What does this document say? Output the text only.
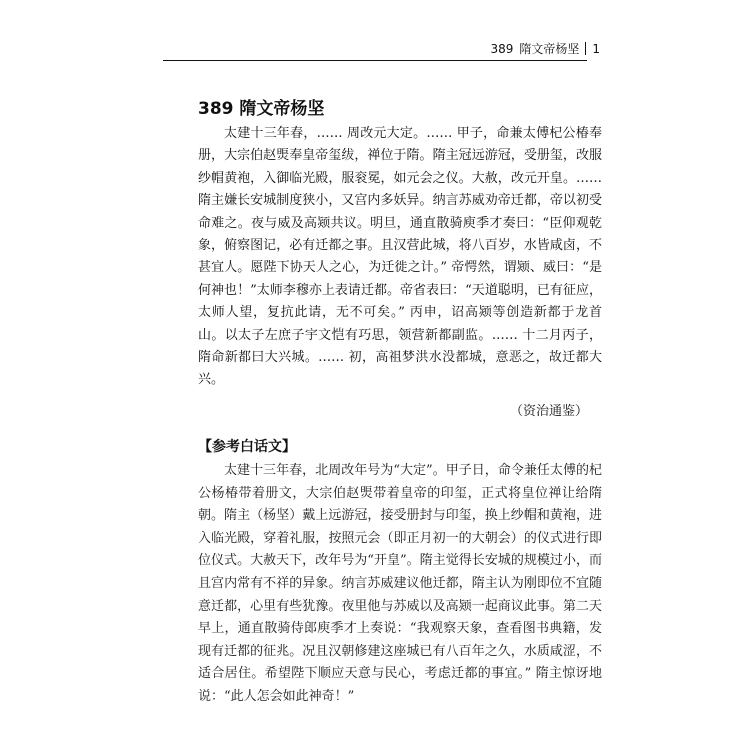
389 隋文帝杨坚 1
389 隋文帝杨坚

太建十三年春，…… 周改元大定。…… 甲子，命兼太傅杞公椿奉册，大宗伯赵煚奉皇帝玺绂，禅位于隋。隋主冠远游冠，受册玺，改服纱帽黄袍，入御临光殿，服衮冕，如元会之仪。大赦，改元开皇。…… 隋主嫌长安城制度狭小，又宫内多妖异。纳言苏威劝帝迁都，帝以初受命难之。夜与威及高颎共议。明旦，通直散骑庾季才奏曰：“臣仰观乾象，俯察图记，必有迁都之事。且汉营此城，将八百岁，水皆咸卤，不甚宜人。愿陛下协天人之心，为迁徙之计。” 帝愕然，谓颎、威曰：“是何神也！”太师李穆亦上表请迁都。帝省表曰：“天道聪明，已有征应，太师人望，复抗此请，无不可矣。” 丙申，诏高颎等创造新都于龙首山。以太子左庶子宇文恺有巧思，领营新都副监。…… 十二月丙子，隋命新都曰大兴城。…… 初，高祖梦洪水没都城，意恶之，故迁都大兴。

（资治通鉴）
【参考白话文】

太建十三年春，北周改年号为“大定”。甲子日，命令兼任太傅的杞公杨椿带着册文，大宗伯赵煚带着皇帝的印玺，正式将皇位禅让给隋朝。隋主（杨坚）戴上远游冠，接受册封与印玺，换上纱帽和黄袍，进入临光殿，穿着礼服，按照元会（即正月初一的大朝会）的仪式进行即位仪式。大赦天下，改年号为“开皇”。隋主觉得长安城的规模过小，而且宫内常有不祥的异象。纳言苏威建议他迁都，隋主认为刚即位不宜随意迁都，心里有些犹豫。夜里他与苏威以及高颎一起商议此事。第二天早上，通直散骑侍郎庾季才上奏说：“我观察天象，查看图书典籍，发现有迁都的征兆。况且汉朝修建这座城已有八百年之久，水质咸涩，不适合居住。希望陛下顺应天意与民心，考虑迁都的事宜。” 隋主惊讶地说：“此人怎会如此神奇！”
